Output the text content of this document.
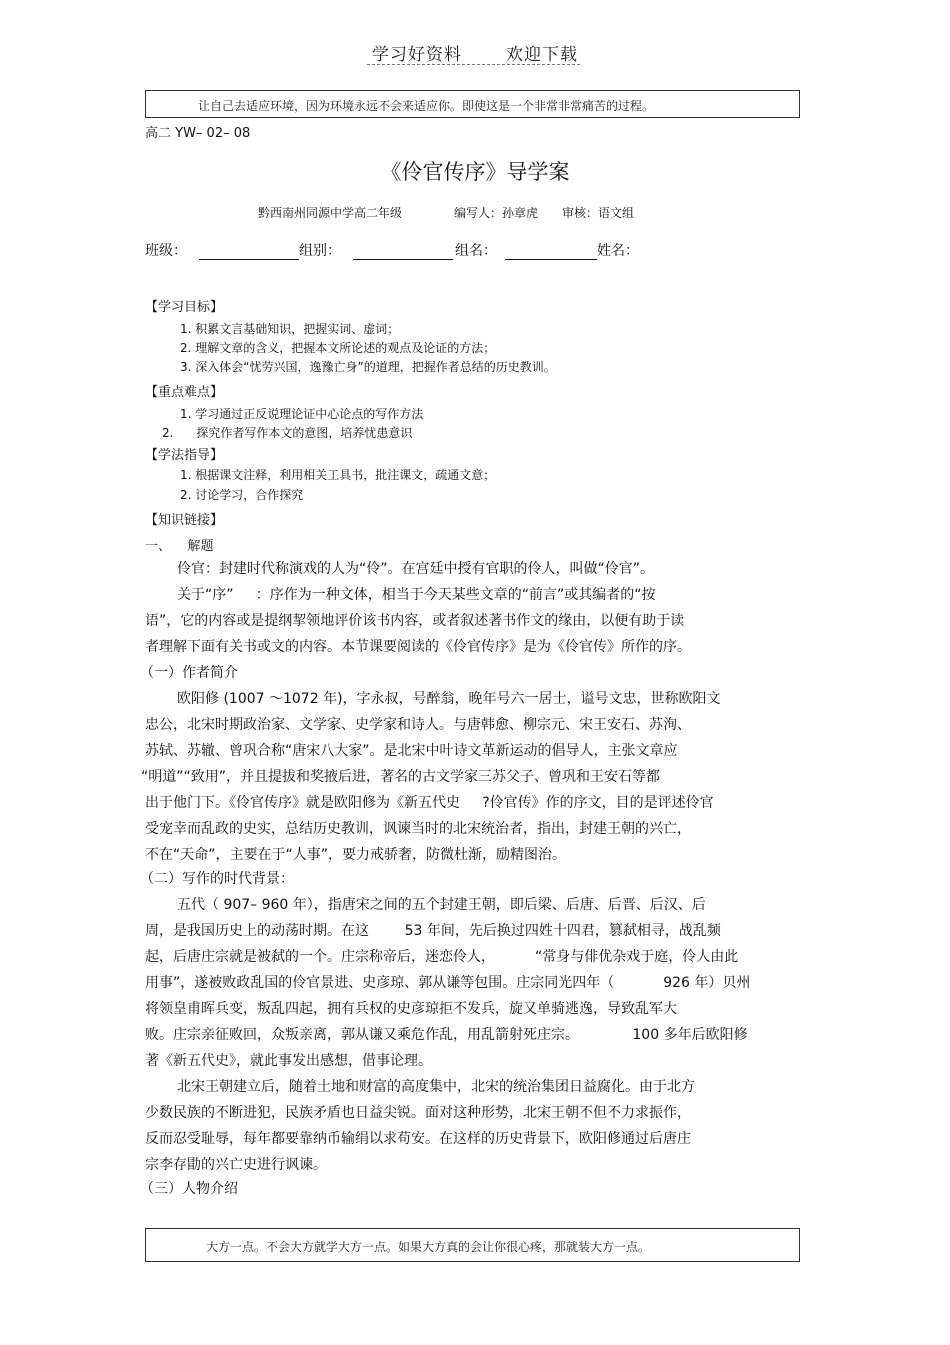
学习好资料	欢迎下载
让自己去适应环境，因为环境永远不会来适应你。即使这是一个非常非常痛苦的过程。
高二 YW– 02– 08
《伶官传序》导学案
黔西南州同源中学高二年级	编写人：孙章虎 审核：语文组
班级：	组别：	组名：	姓名：
【学习目标】
1. 积累文言基础知识，把握实词、虚词；
2. 理解文章的含义，把握本文所论述的观点及论证的方法；
3. 深入体会“忧劳兴国，逸豫亡身”的道理，把握作者总结的历史教训。
【重点难点】
1. 学习通过正反说理论证中心论点的写作方法
2.      探究作者写作本文的意图，培养忧患意识
【学法指导】
1. 根据课文注释，利用相关工具书，批注课文，疏通文意；
2. 讨论学习，合作探究
【知识链接】
一、    解题
伶官：封建时代称演戏的人为“伶”。在宫廷中授有官职的伶人，叫做“伶官”。
关于“序”     ：序作为一种文体，相当于今天某些文章的“前言”或其编者的“按
语”，它的内容或是提纲挈领地评价该书内容，或者叙述著书作文的缘由，以便有助于读
者理解下面有关书或文的内容。本节课要阅读的《伶官传序》是为《伶官传》所作的序。
（一）作者简介
欧阳修 (1007 ～1072 年)，字永叔，号醉翁，晚年号六一居士，谥号文忠，世称欧阳文
忠公，北宋时期政治家、文学家、史学家和诗人。与唐韩愈、柳宗元、宋王安石、苏洵、
苏轼、苏辙、曾巩合称“唐宋八大家”。是北宋中叶诗文革新运动的倡导人，主张文章应
“明道”“致用”，并且提拔和奖掖后进，著名的古文学家三苏父子、曾巩和王安石等都
出于他门下。《伶官传序》就是欧阳修为《新五代史     ?伶官传》作的序文，目的是评述伶官
受宠幸而乱政的史实，总结历史教训，讽谏当时的北宋统治者，指出，封建王朝的兴亡，
不在“天命”，主要在于“人事”，要力戒骄奢，防微杜渐，励精图治。
（二）写作的时代背景：
五代（ 907– 960 年），指唐宋之间的五个封建王朝，即后梁、后唐、后晋、后汉、后
周，是我国历史上的动荡时期。在这        53 年间，先后换过四姓十四君，篡弑相寻，战乱频
起，后唐庄宗就是被弑的一个。庄宗称帝后，迷恋伶人，         “常身与俳优杂戏于庭，伶人由此
用事”，遂被败政乱国的伶官景进、史彦琼、郭从谦等包围。庄宗同光四年（           926 年）贝州
将领皇甫晖兵变，叛乱四起，拥有兵权的史彦琼拒不发兵，旋又单骑逃逸，导致乱军大
败。庄宗亲征败回，众叛亲离，郭从谦又乘危作乱，用乱箭射死庄宗。            100 多年后欧阳修
著《新五代史》，就此事发出感想，借事论理。
北宋王朝建立后，随着土地和财富的高度集中，北宋的统治集团日益腐化。由于北方
少数民族的不断进犯，民族矛盾也日益尖锐。面对这种形势，北宋王朝不但不力求振作，
反而忍受耻辱，每年都要靠纳币输绢以求苟安。在这样的历史背景下，欧阳修通过后唐庄
宗李存勖的兴亡史进行讽谏。
（三）人物介绍
大方一点。不会大方就学大方一点。如果大方真的会让你很心疼，那就装大方一点。
